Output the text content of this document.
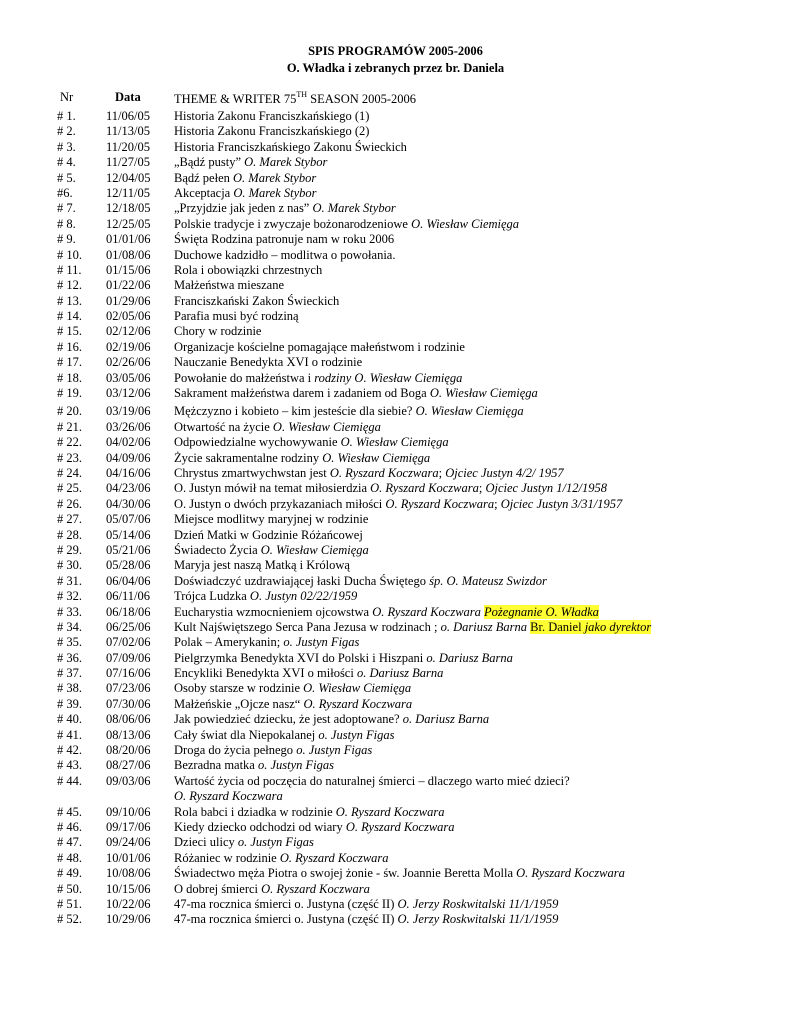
SPIS PROGRAMÓW 2005-2006
O. Władka i zebranych przez br. Daniela
Nr	Data	THEME & WRITER 75TH SEASON 2005-2006
# 1.	11/06/05 Historia Zakonu Franciszkańskiego (1)
# 2.	11/13/05 Historia Zakonu Franciszkańskiego (2)
# 3.	11/20/05 Historia Franciszkańskiego Zakonu Świeckich
# 4.	11/27/05 „Bądź pusty” O. Marek Stybor
# 5.	12/04/05 Bądź pełen O. Marek Stybor
#6.	12/11/05 Akceptacja O. Marek Stybor
# 7.	12/18/05 „Przyjdzie jak jeden z nas” O. Marek Stybor
# 8.	12/25/05 Polskie tradycje i zwyczaje bożonarodzeniowe O. Wiesław Ciemięga
# 9.	01/01/06 Święta Rodzina patronuje nam w roku 2006
# 10.	01/08/06 Duchowe kadzidło – modlitwa o powołania.
# 11.	01/15/06 Rola i obowiązki chrzestnych
# 12.	01/22/06 Małżeństwa mieszane
# 13.	01/29/06 Franciszkański Zakon Świeckich
# 14.	02/05/06 Parafia musi być rodziną
# 15.	02/12/06 Chory w rodzinie
# 16.	02/19/06 Organizacje kościelne pomagające małeństwom i rodzinie
# 17.	02/26/06 Nauczanie Benedykta XVI o rodzinie
# 18.	03/05/06 Powołanie do małżeństwa i rodziny O. Wiesław Ciemięga
# 19.	03/12/06 Sakrament małżeństwa darem i zadaniem od Boga O. Wiesław Ciemięga
# 20.	03/19/06 Mężczyzno i kobieto – kim jesteście dla siebie? O. Wiesław Ciemięga
# 21.	03/26/06 Otwartość na życie O. Wiesław Ciemięga
# 22.	04/02/06 Odpowiedzialne wychowywanie O. Wiesław Ciemięga
# 23.	04/09/06 Życie sakramentalne rodziny O. Wiesław Ciemięga
# 24.	04/16/06 Chrystus zmartwychwstan jest O. Ryszard Koczwara; Ojciec Justyn 4/2/ 1957
# 25.	04/23/06 O. Justyn mówił na temat miłosierdzia O. Ryszard Koczwara; Ojciec Justyn 1/12/1958
# 26.	04/30/06 O. Justyn o dwóch przykazaniach miłości O. Ryszard Koczwara; Ojciec Justyn 3/31/1957
# 27.	05/07/06 Miejsce modlitwy maryjnej w rodzinie
# 28.	05/14/06 Dzień Matki w Godzinie Różańcowej
# 29.	05/21/06 Świadecto Życia O. Wiesław Ciemięga
# 30.	05/28/06 Maryja jest naszą Matką i Królową
# 31.	06/04/06 Doświadczyć uzdrawiającej łaski Ducha Świętego śp. O. Mateusz Swizdor
# 32.	06/11/06 Trójca Ludzka O. Justyn 02/22/1959
# 33.	06/18/06 Eucharystia wzmocnieniem ojcowstwa O. Ryszard Koczwara Pożegnanie O. Władka
# 34.	06/25/06 Kult Najświętszego Serca Pana Jezusa w rodzinach ; o. Dariusz Barna Br. Daniel jako dyrektor
# 35.	07/02/06 Polak – Amerykanin; o. Justyn Figas
# 36.	07/09/06 Pielgrzymka Benedykta XVI do Polski i Hiszpani o. Dariusz Barna
# 37.	07/16/06 Encykliki Benedykta XVI o miłości o. Dariusz Barna
# 38.	07/23/06 Osoby starsze w rodzinie O. Wiesław Ciemięga
# 39.	07/30/06 Małżeńskie „Ojcze nasz“ O. Ryszard Koczwara
# 40.	08/06/06 Jak powiedzieć dziecku, że jest adoptowane? o. Dariusz Barna
# 41.	08/13/06 Cały świat dla Niepokalanej o. Justyn Figas
# 42.	08/20/06 Droga do życia pełnego o. Justyn Figas
# 43.	08/27/06 Bezradna matka o. Justyn Figas
# 44.	09/03/06 Wartość życia od poczęcia do naturalnej śmierci – dlaczego warto mieć dzieci?
O. Ryszard Koczwara
# 45.	09/10/06 Rola babci i dziadka w rodzinie O. Ryszard Koczwara
# 46.	09/17/06 Kiedy dziecko odchodzi od wiary O. Ryszard Koczwara
# 47.	09/24/06 Dzieci ulicy o. Justyn Figas
# 48.	10/01/06 Różaniec w rodzinie O. Ryszard Koczwara
# 49.	10/08/06 Świadectwo męża Piotra o swojej żonie - św. Joannie Beretta Molla O. Ryszard Koczwara
# 50.	10/15/06 O dobrej śmierci O. Ryszard Koczwara
# 51.	10/22/06 47-ma rocznica śmierci o. Justyna (część II) O. Jerzy Roskwitalski 11/1/1959
# 52.	10/29/06 47-ma rocznica śmierci o. Justyna (część II) O. Jerzy Roskwitalski 11/1/1959
